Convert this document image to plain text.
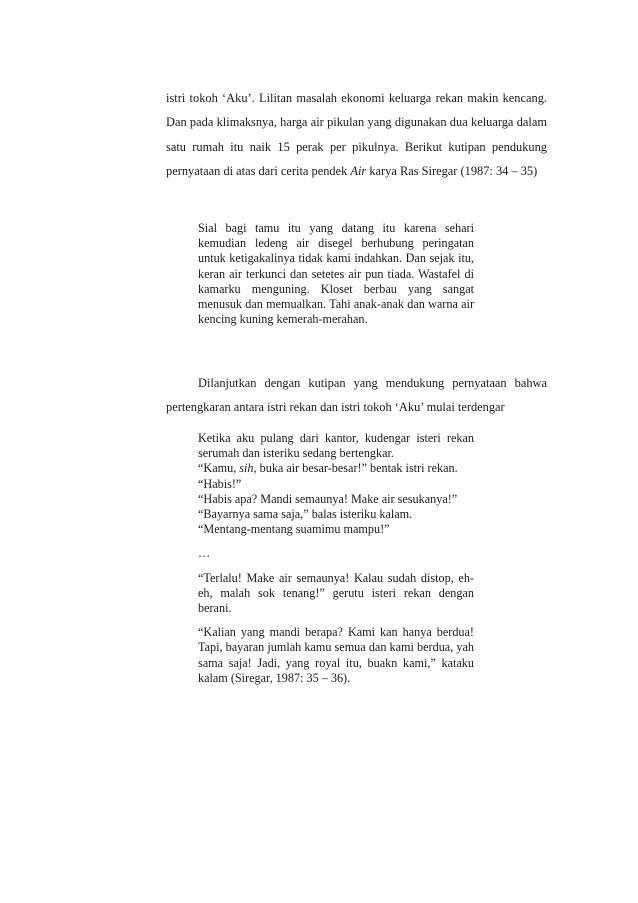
istri tokoh ‘Aku’. Lilitan masalah ekonomi keluarga rekan makin kencang. Dan pada klimaksnya, harga air pikulan yang digunakan dua keluarga dalam satu rumah itu naik 15 perak per pikulnya. Berikut kutipan pendukung pernyataan di atas dari cerita pendek Air karya Ras Siregar (1987: 34 – 35)

Sial bagi tamu itu yang datang itu karena sehari kemudian ledeng air disegel berhubung peringatan untuk ketigakalinya tidak kami indahkan. Dan sejak itu, keran air terkunci dan setetes air pun tiada. Wastafel di kamarku menguning. Kloset berbau yang sangat menusuk dan memualkan. Tahi anak-anak dan warna air kencing kuning kemerah-merahan.

Dilanjutkan dengan kutipan yang mendukung pernyataan bahwa pertengkaran antara istri rekan dan istri tokoh ‘Aku’ mulai terdengar

Ketika aku pulang dari kantor, kudengar isteri rekan serumah dan isteriku sedang bertengkar.

“Kamu, sih, buka air besar-besar!” bentak istri rekan.

“Habis!”

“Habis apa? Mandi semaunya! Make air sesukanya!”

“Bayarnya sama saja,” balas isteriku kalam.

“Mentang-mentang suamimu mampu!”

…

“Terlalu! Make air semaunya! Kalau sudah distop, eh-eh, malah sok tenang!” gerutu isteri rekan dengan berani.

“Kalian yang mandi berapa? Kami kan hanya berdua! Tapi, bayaran jumlah kamu semua dan kami berdua, yah sama saja! Jadi, yang royal itu, buakn kami,” kataku kalam (Siregar, 1987: 35 – 36).
